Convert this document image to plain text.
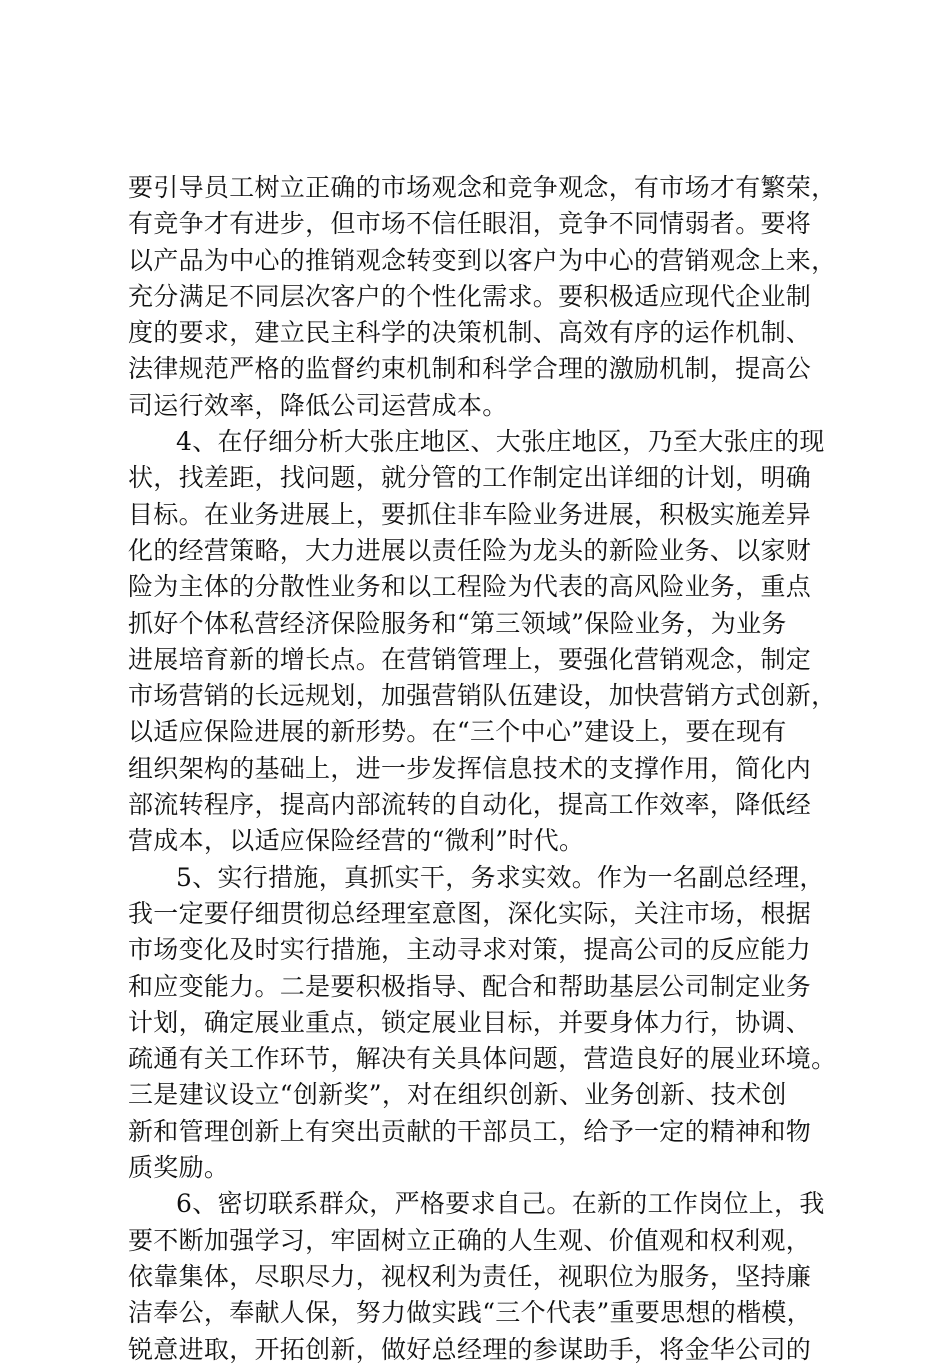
要引导员工树立正确的市场观念和竞争观念，有市场才有繁荣，
有竞争才有进步，但市场不信任眼泪，竞争不同情弱者。要将
以产品为中心的推销观念转变到以客户为中心的营销观念上来，
充分满足不同层次客户的个性化需求。要积极适应现代企业制
度的要求，建立民主科学的决策机制、高效有序的运作机制、
法律规范严格的监督约束机制和科学合理的激励机制，提高公
司运行效率，降低公司运营成本。
4、在仔细分析大张庄地区、大张庄地区，乃至大张庄的现
状，找差距，找问题，就分管的工作制定出详细的计划，明确
目标。在业务进展上，要抓住非车险业务进展，积极实施差异
化的经营策略，大力进展以责任险为龙头的新险业务、以家财
险为主体的分散性业务和以工程险为代表的高风险业务，重点
抓好个体私营经济保险服务和“第三领域”保险业务，为业务
进展培育新的增长点。在营销管理上，要强化营销观念，制定
市场营销的长远规划，加强营销队伍建设，加快营销方式创新，
以适应保险进展的新形势。在“三个中心”建设上，要在现有
组织架构的基础上，进一步发挥信息技术的支撑作用，简化内
部流转程序，提高内部流转的自动化，提高工作效率，降低经
营成本，以适应保险经营的“微利”时代。
5、实行措施，真抓实干，务求实效。作为一名副总经理，
我一定要仔细贯彻总经理室意图，深化实际，关注市场，根据
市场变化及时实行措施，主动寻求对策，提高公司的反应能力
和应变能力。二是要积极指导、配合和帮助基层公司制定业务
计划，确定展业重点，锁定展业目标，并要身体力行，协调、
疏通有关工作环节，解决有关具体问题，营造良好的展业环境。
三是建议设立“创新奖”，对在组织创新、业务创新、技术创
新和管理创新上有突出贡献的干部员工，给予一定的精神和物
质奖励。
6、密切联系群众，严格要求自己。在新的工作岗位上，我
要不断加强学习，牢固树立正确的人生观、价值观和权利观，
依靠集体，尽职尽力，视权利为责任，视职位为服务，坚持廉
洁奉公，奉献人保，努力做实践“三个代表”重要思想的楷模，
锐意进取，开拓创新，做好总经理的参谋助手，将金华公司的
